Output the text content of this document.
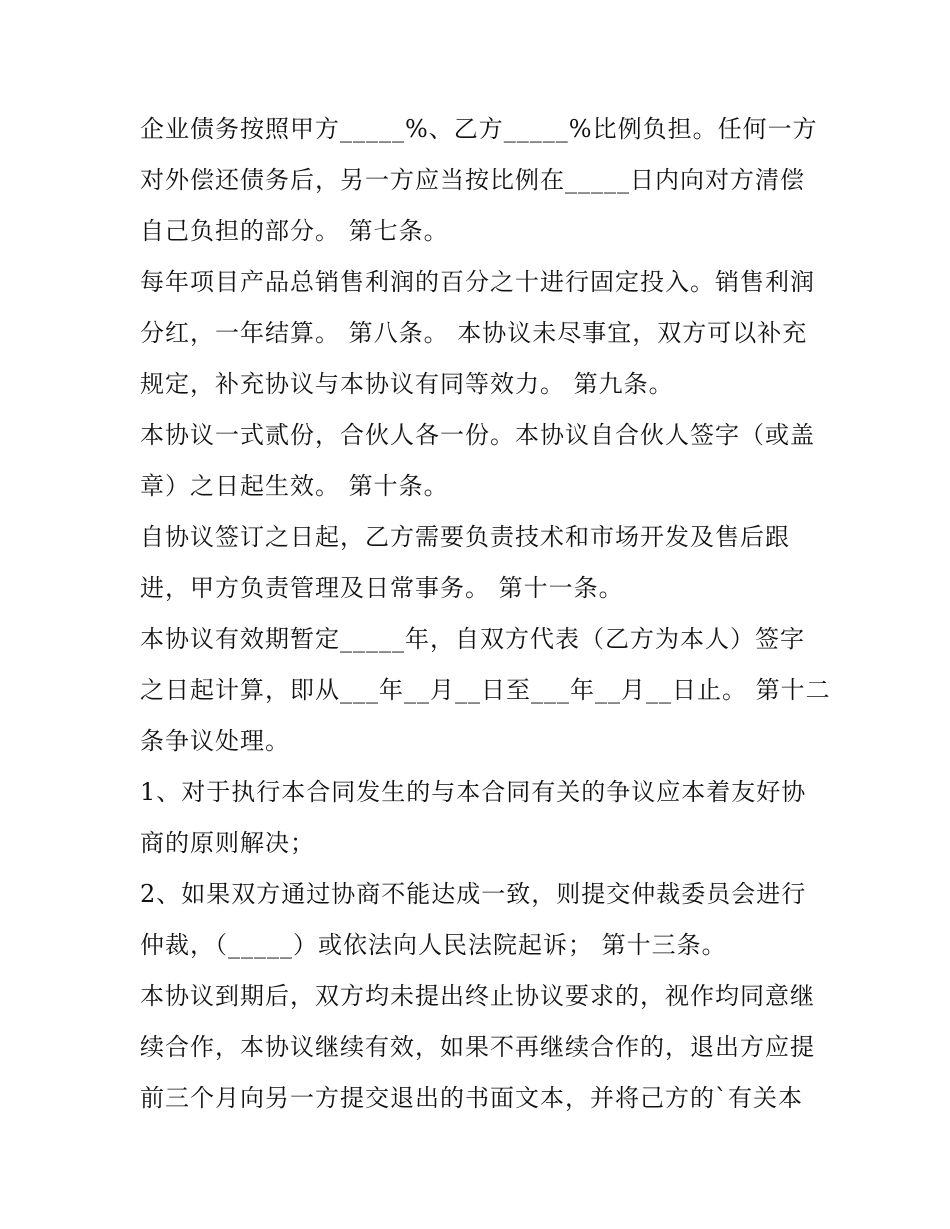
企业债务按照甲方_____%、乙方_____%比例负担。任何一方
对外偿还债务后，另一方应当按比例在_____日内向对方清偿
自己负担的部分。 第七条。
每年项目产品总销售利润的百分之十进行固定投入。销售利润
分红，一年结算。 第八条。 本协议未尽事宜，双方可以补充
规定，补充协议与本协议有同等效力。 第九条。
本协议一式贰份，合伙人各一份。本协议自合伙人签字（或盖
章）之日起生效。 第十条。
自协议签订之日起，乙方需要负责技术和市场开发及售后跟
进，甲方负责管理及日常事务。 第十一条。
本协议有效期暂定_____年，自双方代表（乙方为本人）签字
之日起计算，即从___年__月__日至___年__月__日止。 第十二
条争议处理。
1、对于执行本合同发生的与本合同有关的争议应本着友好协
商的原则解决；
2、如果双方通过协商不能达成一致，则提交仲裁委员会进行
仲裁，（_____）或依法向人民法院起诉； 第十三条。
本协议到期后，双方均未提出终止协议要求的，视作均同意继
续合作，本协议继续有效，如果不再继续合作的，退出方应提
前三个月向另一方提交退出的书面文本，并将己方的`有关本
